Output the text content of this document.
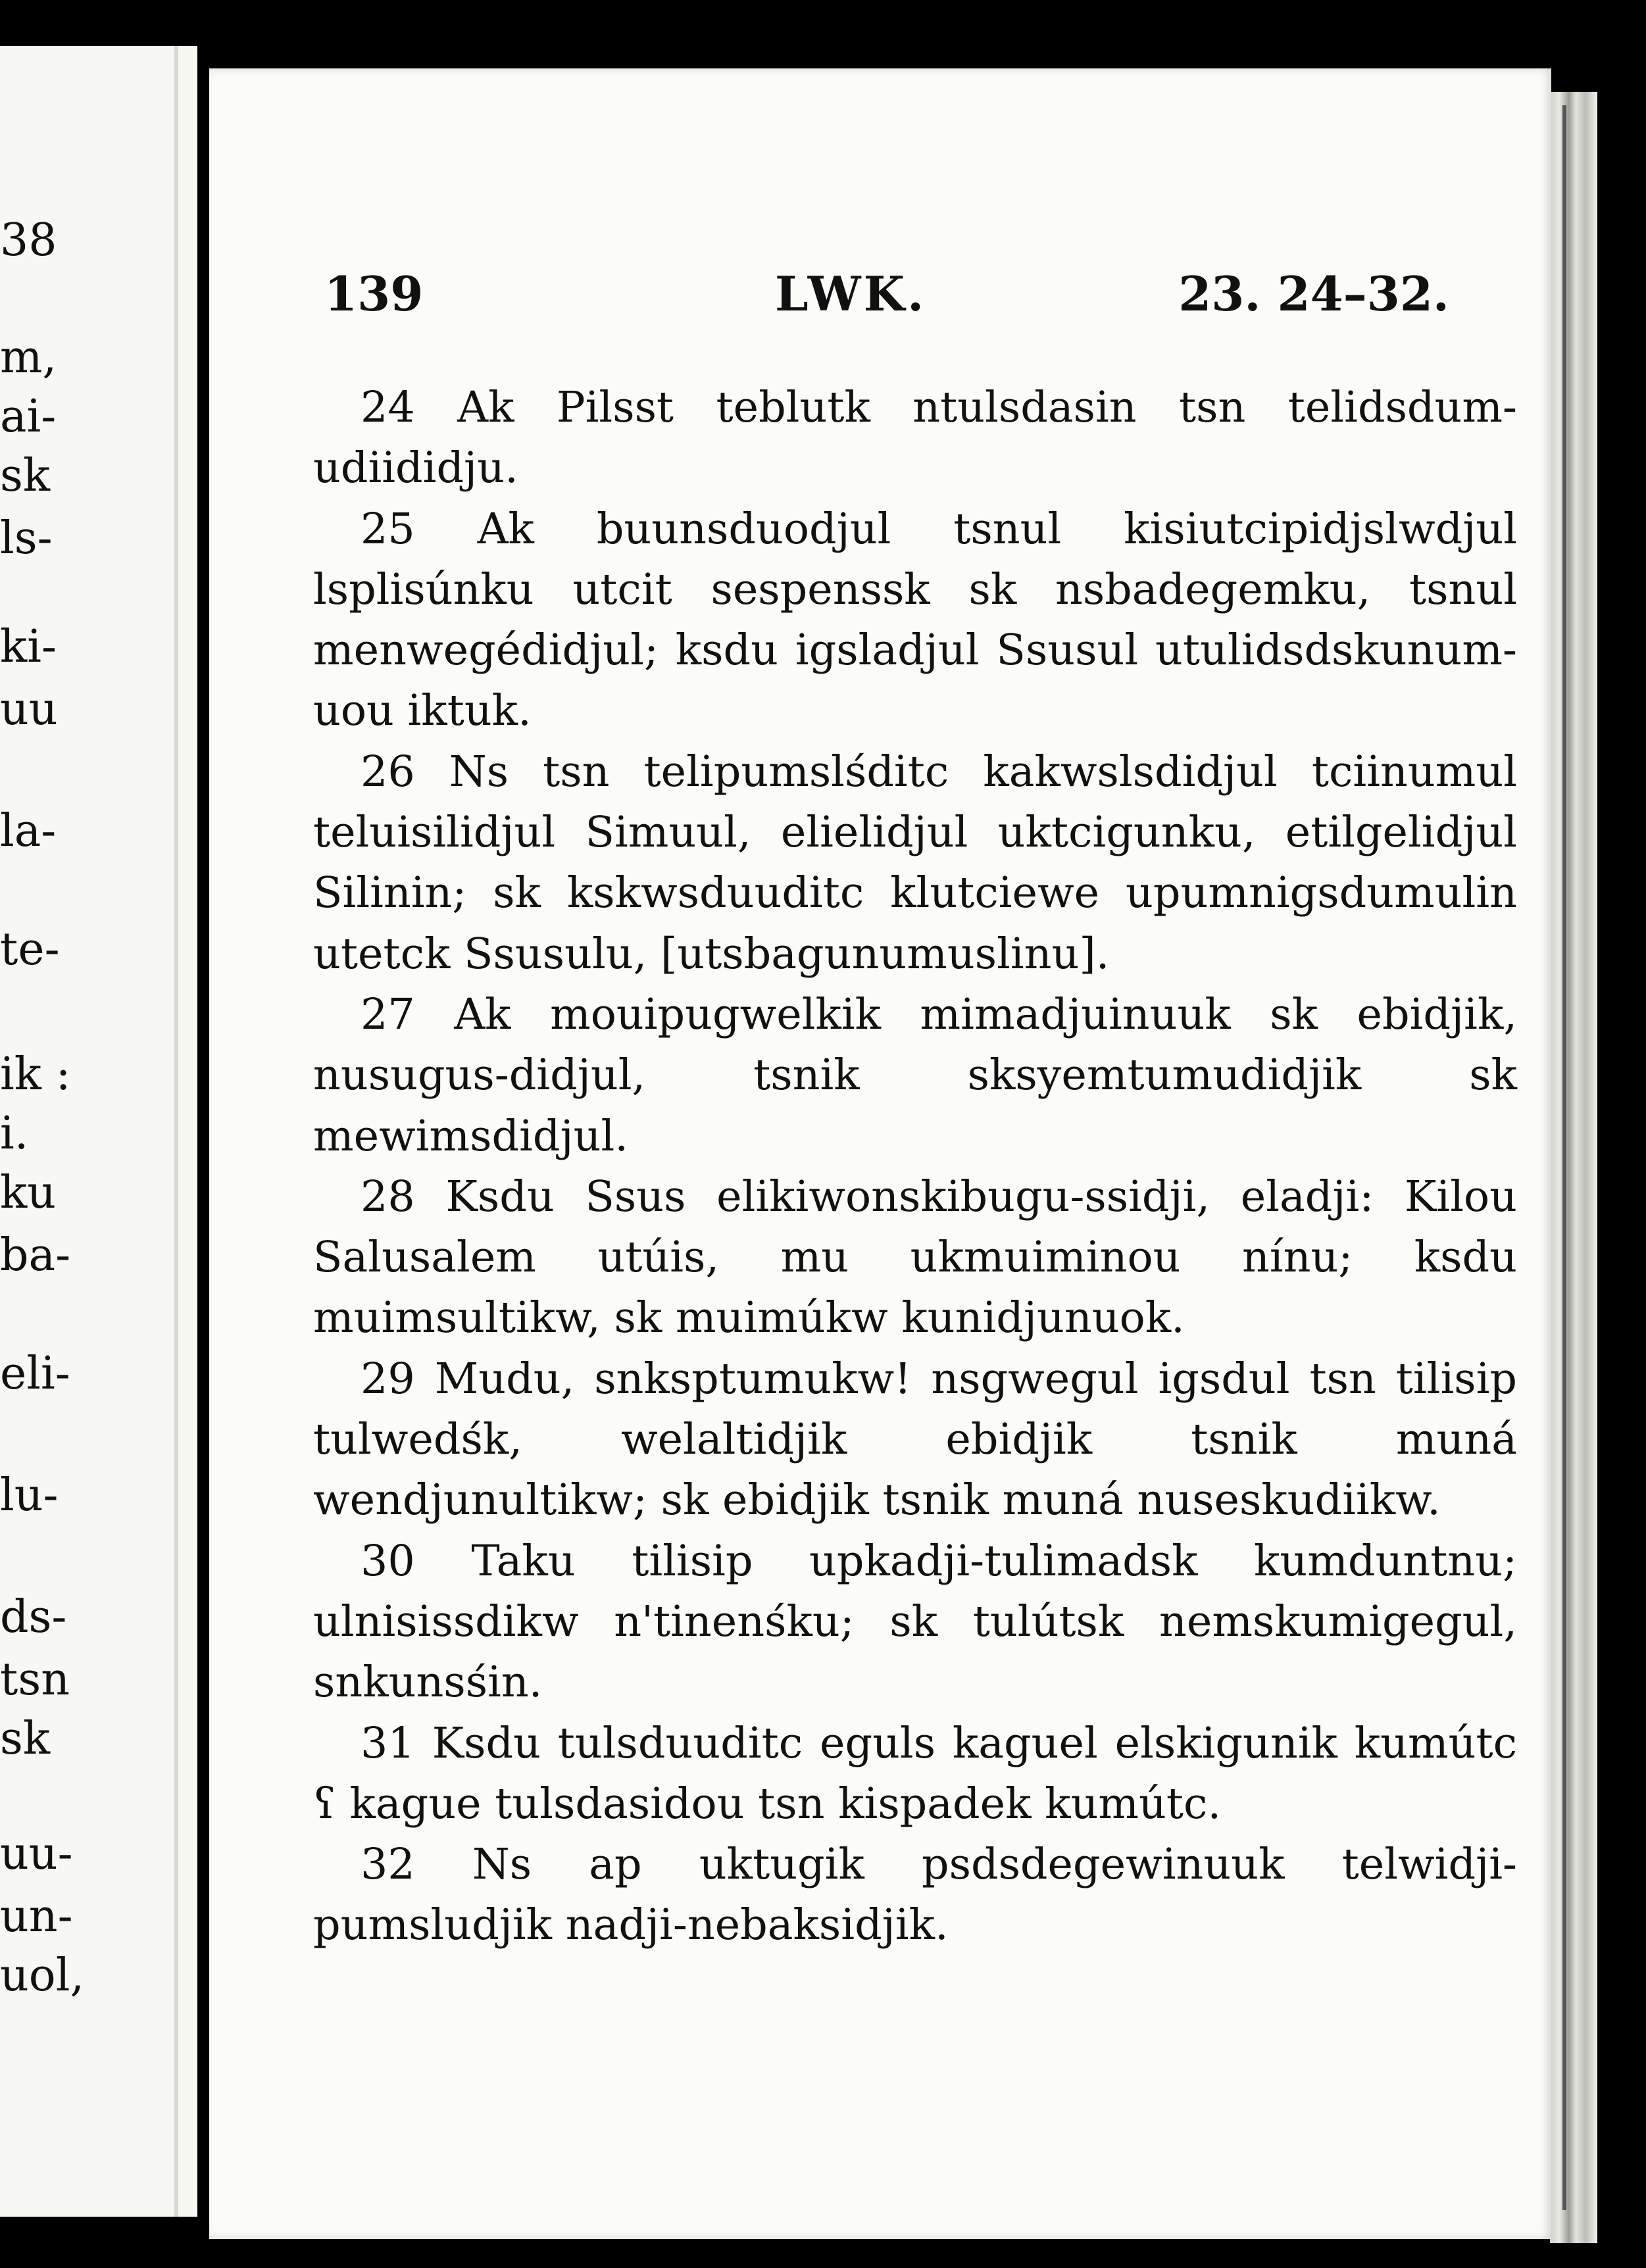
38
m,
ai-
sk
ls-
ki-
uu
la-
te-
ik :
i.
ku
ba-
eli-
lu-
ds-
tsn
sk
uu-
un-
uol,
139	LWK.	23. 24–32.

24 Ak Pilsst teblutk ntulsdasin tsn telidsdum-udiididju.

25 Ak buunsduodjul tsnul kisiutcipidjslwdjul lsplisúnku utcit sespenssk sk nsbadegemku, tsnul menwegédidjul; ksdu igsladjul Ssusul utulidsdskunum-uou iktuk.

26 Ns tsn telipumslśditc kakwslsdidjul tciinumul teluisilidjul Simuul, elielidjul uktcigunku, etilgelidjul Silinin; sk kskwsduuditc klutciewe upumnigsdumulin utetck Ssusulu, [utsbagunumuslinu].

27 Ak mouipugwelkik mimadjuinuuk sk ebidjik, nusugus-didjul, tsnik sksyemtumudidjik sk mewimsdidjul.

28 Ksdu Ssus elikiwonskibugu-ssidji, eladji: Kilou Salusalem utúis, mu ukmuiminou nínu; ksdu muimsultikw, sk muimúkw kunidjunuok.

29 Mudu, snksptumukw! nsgwegul igsdul tsn tilisip tulwedśk, welaltidjik ebidjik tsnik muná wendjunultikw; sk ebidjik tsnik muná nuseskudiikw.

30 Taku tilisip upkadji-tulimadsk kumduntnu; ulnisissdikw n'tinenśku; sk tulútsk nemskumigegul, snkunsśin.

31 Ksdu tulsduuditc eguls kaguel elskigunik kumútc ʕ kague tulsdasidou tsn kispadek kumútc.

32 Ns ap uktugik psdsdegewinuuk telwidjipumsludjik nadji-nebaksidjik.
